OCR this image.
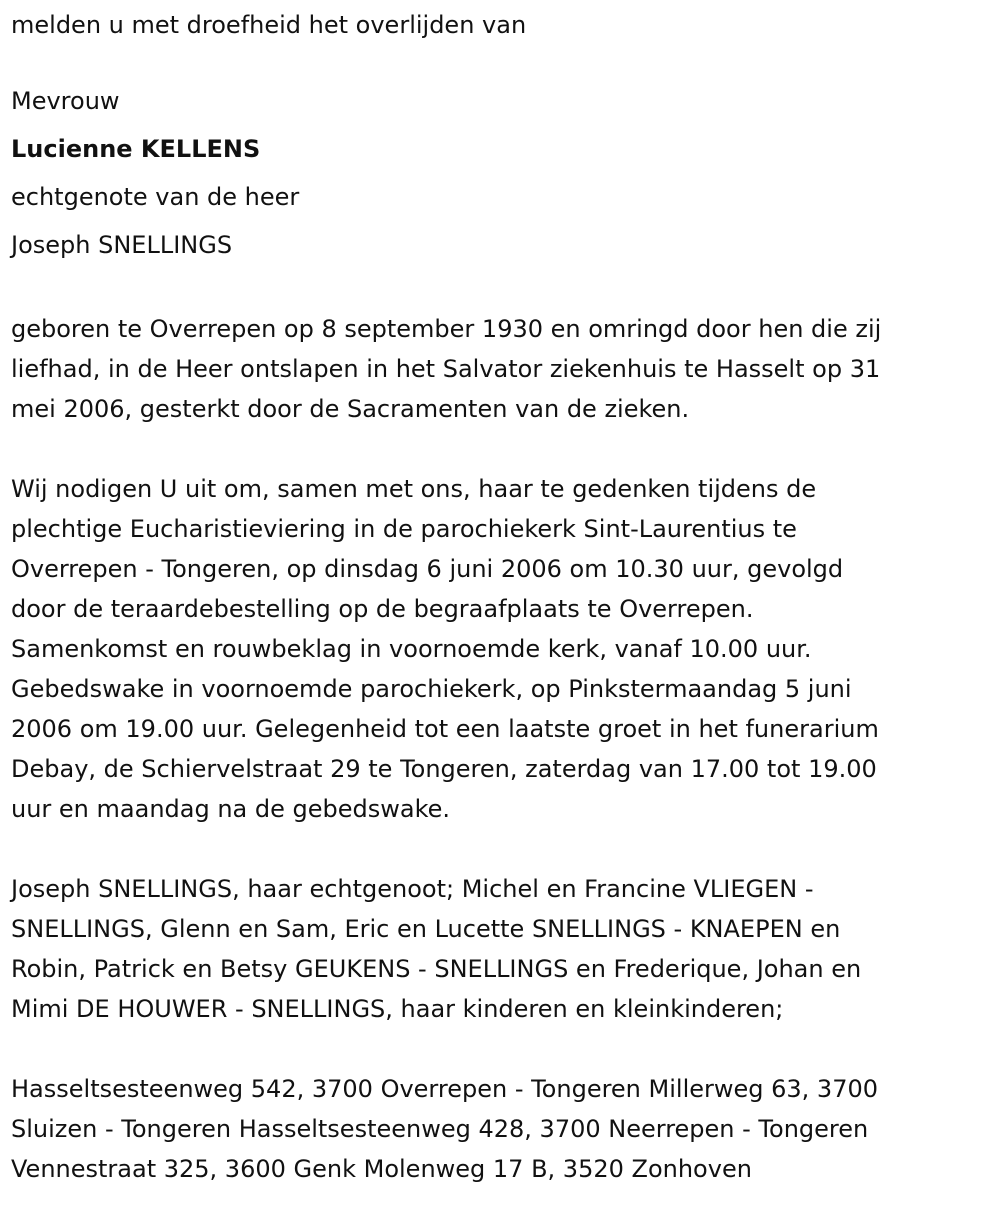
melden u met droefheid het overlijden van
Mevrouw
Lucienne KELLENS
echtgenote van de heer
Joseph SNELLINGS
geboren te Overrepen op 8 september 1930 en omringd door hen die zij
liefhad, in de Heer ontslapen in het Salvator ziekenhuis te Hasselt op 31
mei 2006, gesterkt door de Sacramenten van de zieken.
Wij nodigen U uit om, samen met ons, haar te gedenken tijdens de
plechtige Eucharistieviering in de parochiekerk Sint-Laurentius te
Overrepen - Tongeren, op dinsdag 6 juni 2006 om 10.30 uur, gevolgd
door de teraardebestelling op de begraafplaats te Overrepen.
Samenkomst en rouwbeklag in voornoemde kerk, vanaf 10.00 uur.
Gebedswake in voornoemde parochiekerk, op Pinkstermaandag 5 juni
2006 om 19.00 uur. Gelegenheid tot een laatste groet in het funerarium
Debay, de Schiervelstraat 29 te Tongeren, zaterdag van 17.00 tot 19.00
uur en maandag na de gebedswake.
Joseph SNELLINGS, haar echtgenoot; Michel en Francine VLIEGEN -
SNELLINGS, Glenn en Sam, Eric en Lucette SNELLINGS - KNAEPEN en
Robin, Patrick en Betsy GEUKENS - SNELLINGS en Frederique, Johan en
Mimi DE HOUWER - SNELLINGS, haar kinderen en kleinkinderen;
Hasseltsesteenweg 542, 3700 Overrepen - Tongeren Millerweg 63, 3700
Sluizen - Tongeren Hasseltsesteenweg 428, 3700 Neerrepen - Tongeren
Vennestraat 325, 3600 Genk Molenweg 17 B, 3520 Zonhoven
